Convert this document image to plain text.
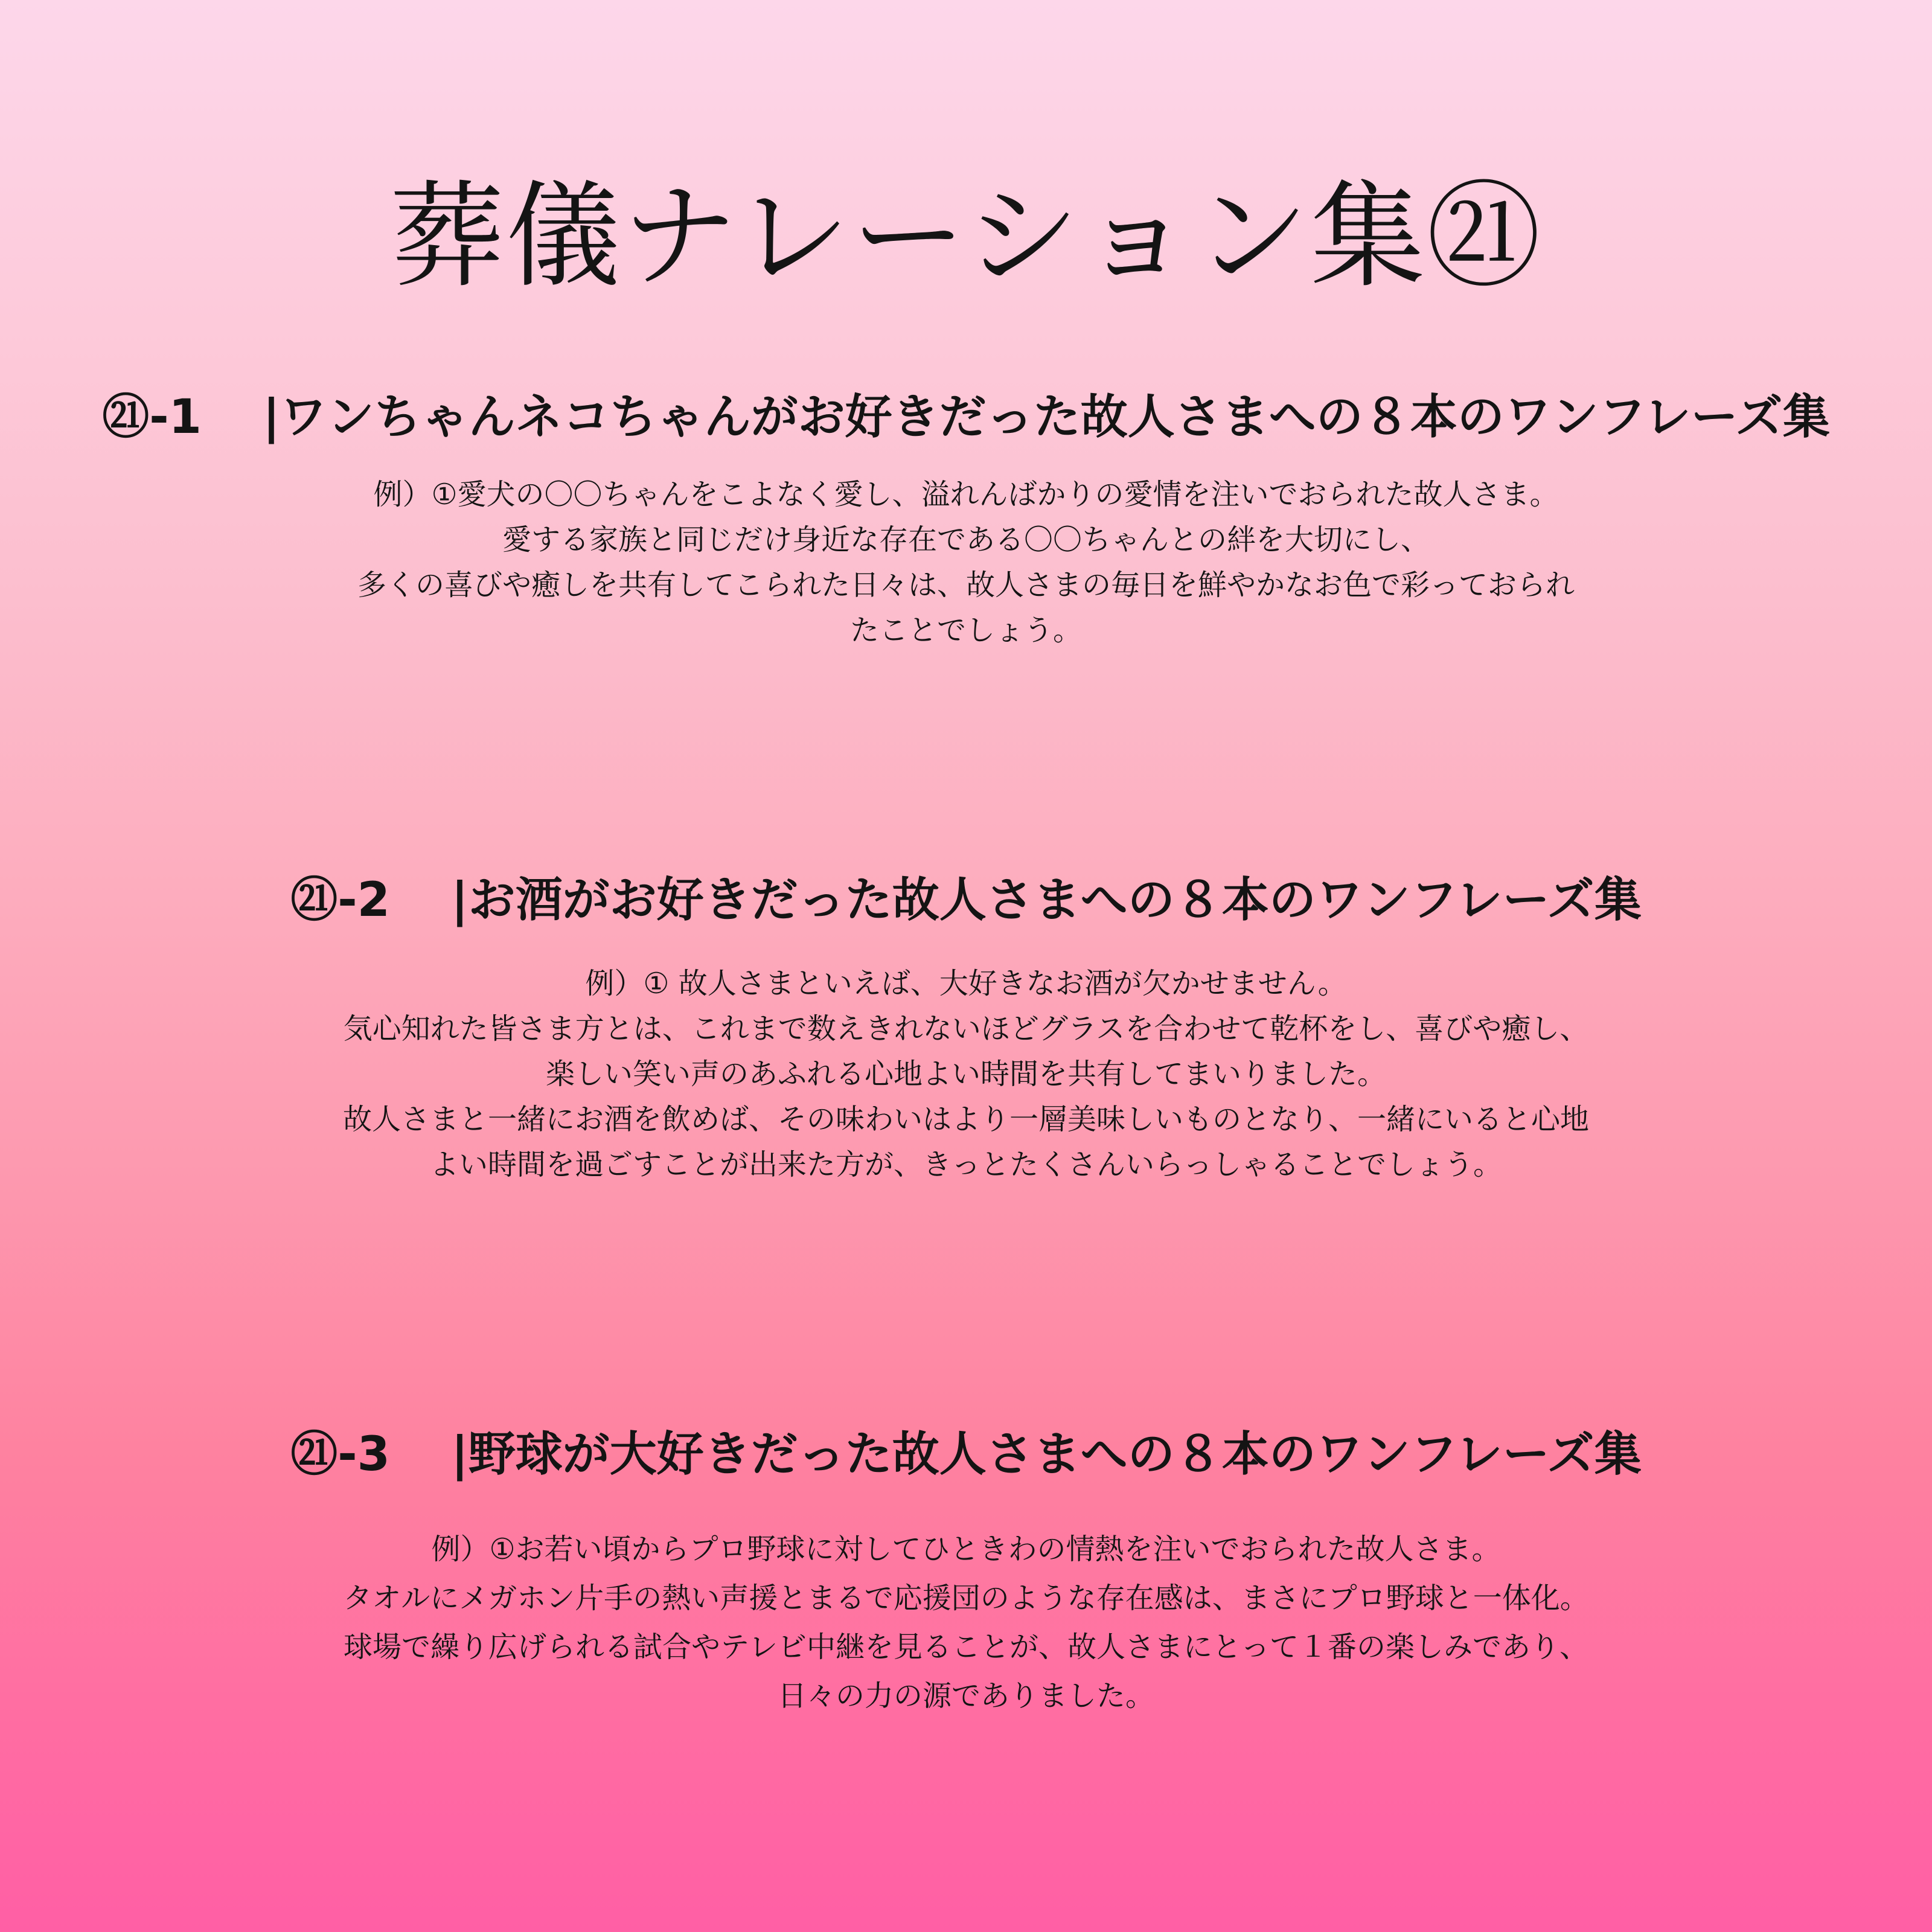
葬儀ナレーション集㉑
㉑-1 |ワンちゃんネコちゃんがお好きだった故人さまへの８本のワンフレーズ集
例）①愛犬の〇〇ちゃんをこよなく愛し、溢れんばかりの愛情を注いでおられた故人さま。
愛する家族と同じだけ身近な存在である〇〇ちゃんとの絆を大切にし、
多くの喜びや癒しを共有してこられた日々は、故人さまの毎日を鮮やかなお色で彩っておられ
たことでしょう。
㉑-2 |お酒がお好きだった故人さまへの８本のワンフレーズ集
例）① 故人さまといえば、大好きなお酒が欠かせません。
気心知れた皆さま方とは、これまで数えきれないほどグラスを合わせて乾杯をし、喜びや癒し、
楽しい笑い声のあふれる心地よい時間を共有してまいりました。
故人さまと一緒にお酒を飲めば、その味わいはより一層美味しいものとなり、一緒にいると心地
よい時間を過ごすことが出来た方が、きっとたくさんいらっしゃることでしょう。
㉑-3 |野球が大好きだった故人さまへの８本のワンフレーズ集
例）①お若い頃からプロ野球に対してひときわの情熱を注いでおられた故人さま。
タオルにメガホン片手の熱い声援とまるで応援団のような存在感は、まさにプロ野球と一体化。
球場で繰り広げられる試合やテレビ中継を見ることが、故人さまにとって１番の楽しみであり、
日々の力の源でありました。
